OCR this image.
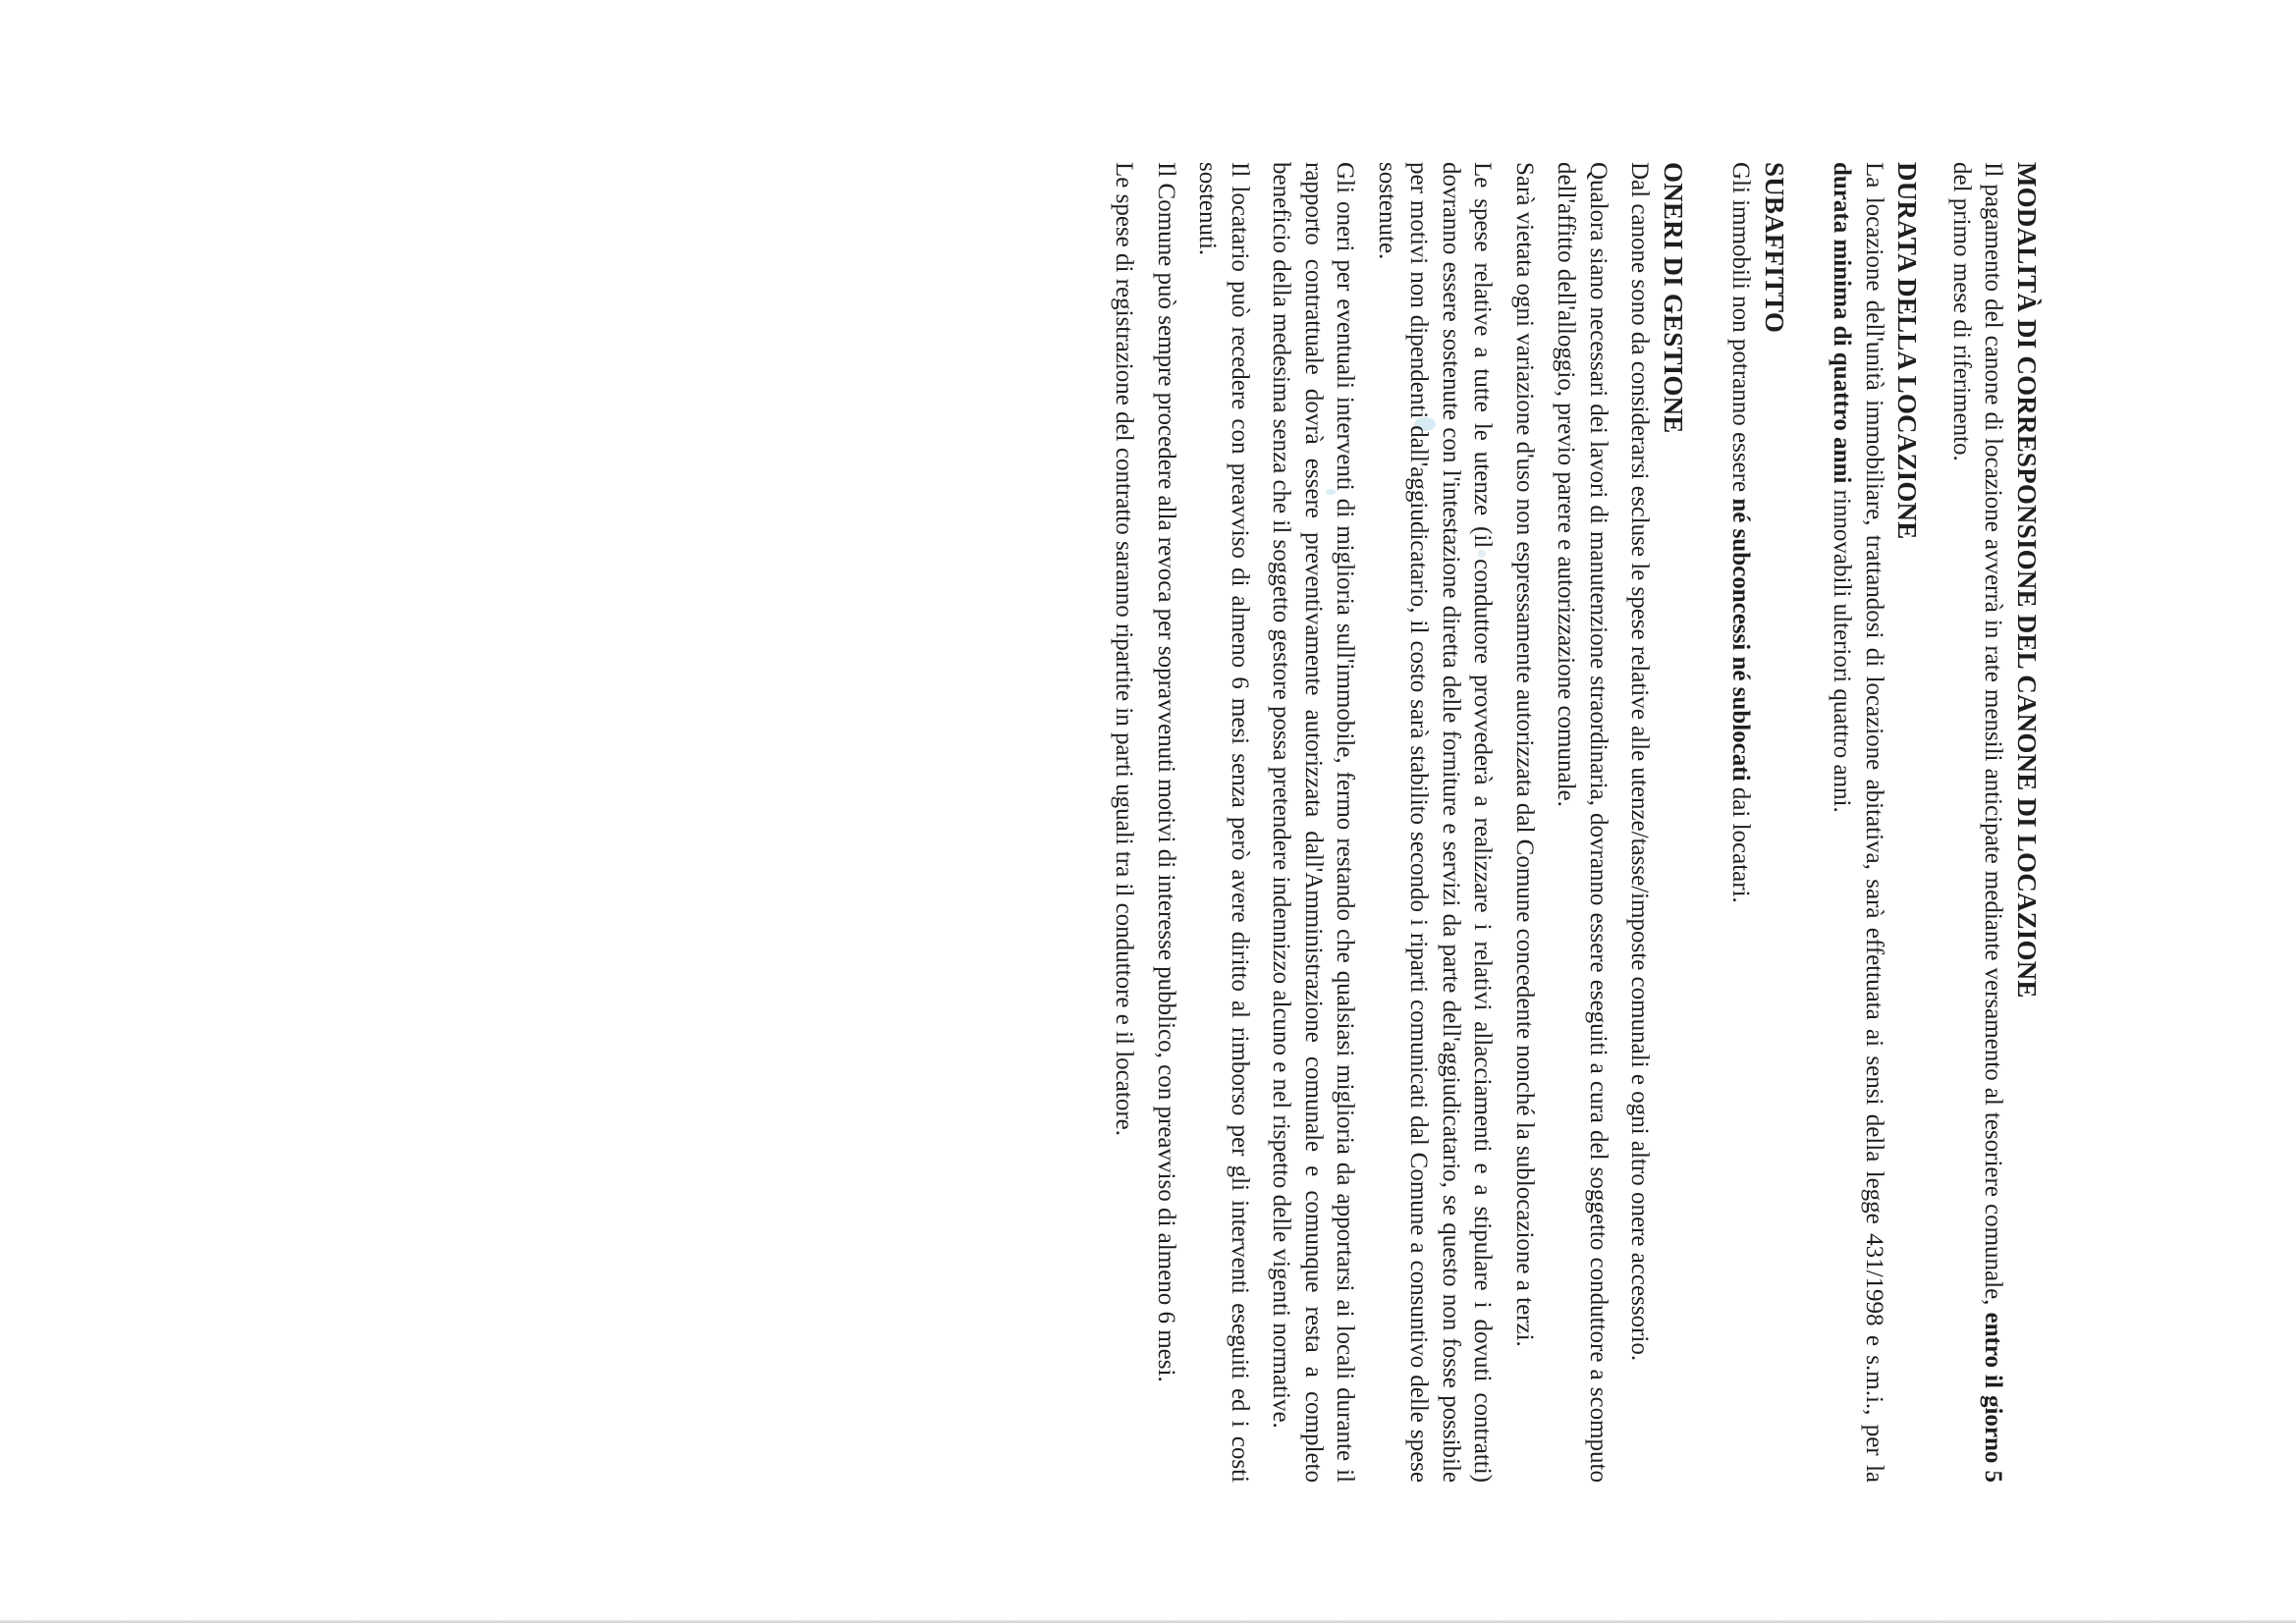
MODALITÀ DI CORRESPONSIONE DEL CANONE DI LOCAZIONE

Il pagamento del canone di locazione avverrà in rate mensili anticipate mediante versamento al tesoriere comunale, entro il giorno 5 del primo mese di riferimento.

DURATA DELLA LOCAZIONE

La locazione dell'unità immobiliare, trattandosi di locazione abitativa, sarà effettuata ai sensi della legge 431/1998 e s.m.i., per la durata minima di quattro anni rinnovabili ulteriori quattro anni.

SUBAFFITTO

Gli immobili non potranno essere né subconcessi né sublocati dai locatari.

ONERI DI GESTIONE

Dal canone sono da considerarsi escluse le spese relative alle utenze/tasse/imposte comunali e ogni altro onere accessorio.

Qualora siano necessari dei lavori di manutenzione straordinaria, dovranno essere eseguiti a cura del soggetto conduttore a scomputo dell'affitto dell'alloggio, previo parere e autorizzazione comunale.

Sarà vietata ogni variazione d'uso non espressamente autorizzata dal Comune concedente nonché la sublocazione a terzi.

Le spese relative a tutte le utenze (il conduttore provvederà a realizzare i relativi allacciamenti e a stipulare i dovuti contratti) dovranno essere sostenute con l'intestazione diretta delle forniture e servizi da parte dell'aggiudicatario, se questo non fosse possibile per motivi non dipendenti dall'aggiudicatario, il costo sarà stabilito secondo i riparti comunicati dal Comune a consuntivo delle spese sostenute.

Gli oneri per eventuali interventi di miglioria sull'immobile, fermo restando che qualsiasi miglioria da apportarsi ai locali durante il rapporto contrattuale dovrà essere preventivamente autorizzata dall'Amministrazione comunale e comunque resta a completo beneficio della medesima senza che il soggetto gestore possa pretendere indennizzo alcuno e nel rispetto delle vigenti normative.

Il locatario può recedere con preavviso di almeno 6 mesi senza però avere diritto al rimborso per gli interventi eseguiti ed i costi sostenuti.

Il Comune può sempre procedere alla revoca per sopravvenuti motivi di interesse pubblico, con preavviso di almeno 6 mesi.

Le spese di registrazione del contratto saranno ripartite in parti uguali tra il conduttore e il locatore.
